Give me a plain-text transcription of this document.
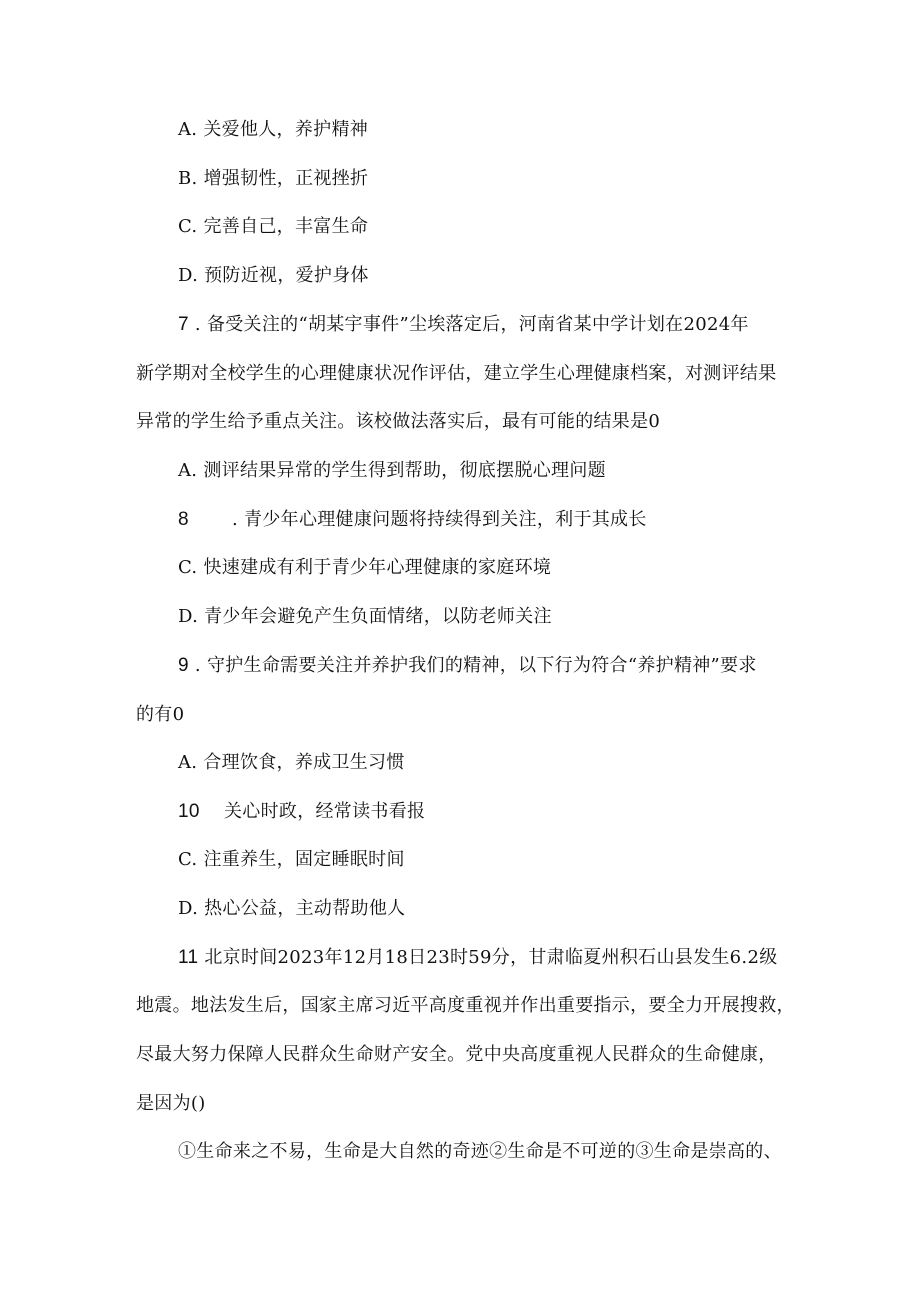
A. 关爱他人，养护精神
B. 增强韧性，正视挫折
C. 完善自己，丰富生命
D. 预防近视，爱护身体
7 . 备受关注的“胡某宇事件”尘埃落定后，河南省某中学计划在2024年
新学期对全校学生的心理健康状况作评估，建立学生心理健康档案，对测评结果
异常的学生给予重点关注。该校做法落实后，最有可能的结果是0
A. 测评结果异常的学生得到帮助，彻底摆脱心理问题
8 . 青少年心理健康问题将持续得到关注，利于其成长
C. 快速建成有利于青少年心理健康的家庭环境
D. 青少年会避免产生负面情绪，以防老师关注
9 . 守护生命需要关注并养护我们的精神，以下行为符合“养护精神”要求
的有0
A. 合理饮食，养成卫生习惯
10 关心时政，经常读书看报
C. 注重养生，固定睡眠时间
D. 热心公益，主动帮助他人
11 北京时间2023年12月18日23时59分，甘肃临夏州积石山县发生6.2级
地震。地法发生后，国家主席习近平高度重视并作出重要指示，要全力开展搜救，
尽最大努力保障人民群众生命财产安全。党中央高度重视人民群众的生命健康，
是因为()
①生命来之不易，生命是大自然的奇迹②生命是不可逆的③生命是崇高的、
